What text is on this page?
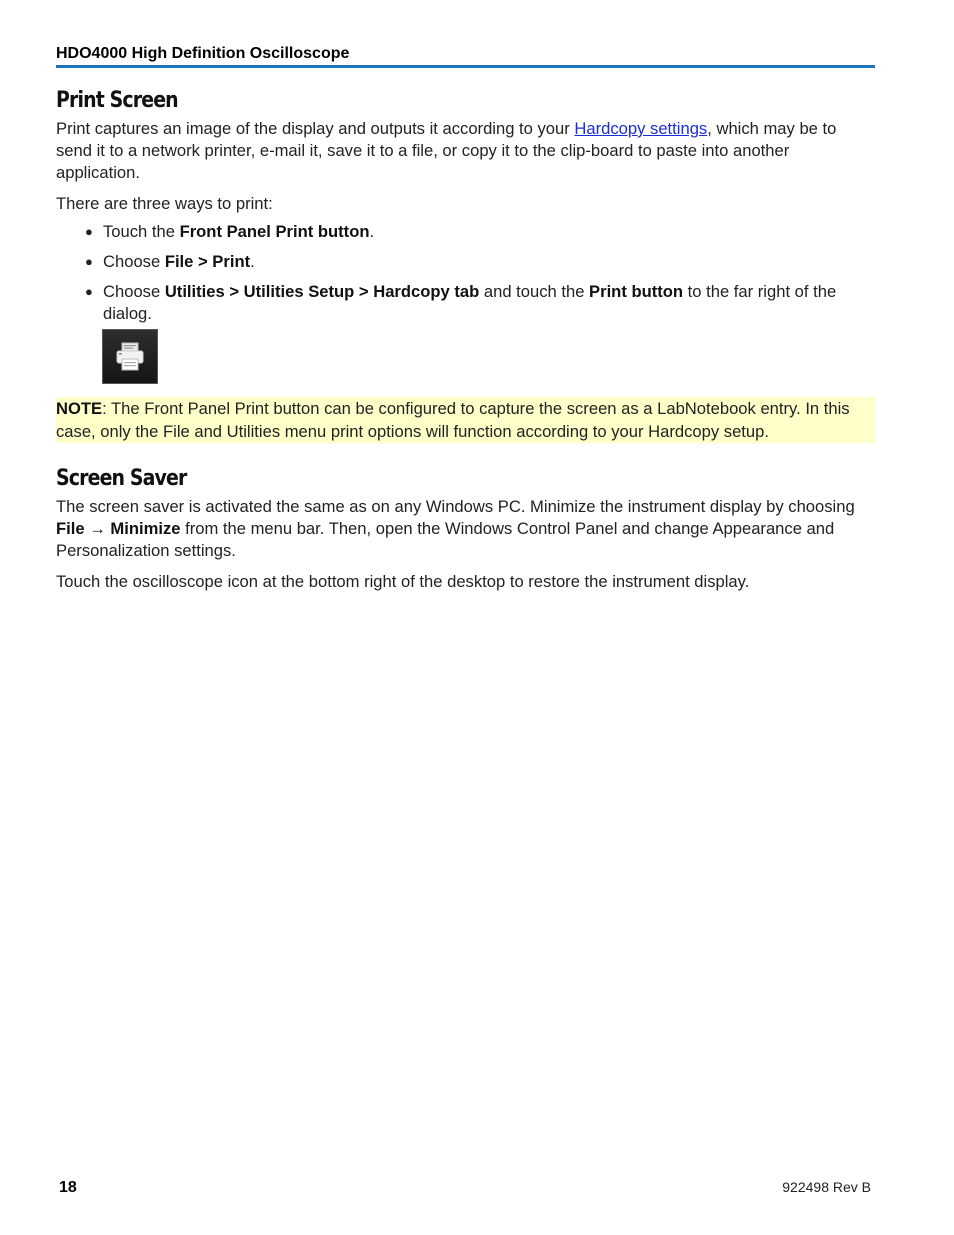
HDO4000 High Definition Oscilloscope
Print Screen

Print captures an image of the display and outputs it according to your Hardcopy settings, which may be to send it to a network printer, e-mail it, save it to a file, or copy it to the clip-board to paste into another application.

There are three ways to print:

● Touch the Front Panel Print button.
● Choose File > Print.
● Choose Utilities > Utilities Setup > Hardcopy tab and touch the Print button to the far right of the dialog.
NOTE: The Front Panel Print button can be configured to capture the screen as a LabNotebook entry. In this case, only the File and Utilities menu print options will function according to your Hardcopy setup.
Screen Saver

The screen saver is activated the same as on any Windows PC. Minimize the instrument display by choosing File → Minimize from the menu bar. Then, open the Windows Control Panel and change Appearance and Personalization settings.

Touch the oscilloscope icon at the bottom right of the desktop to restore the instrument display.

18	922498 Rev B
